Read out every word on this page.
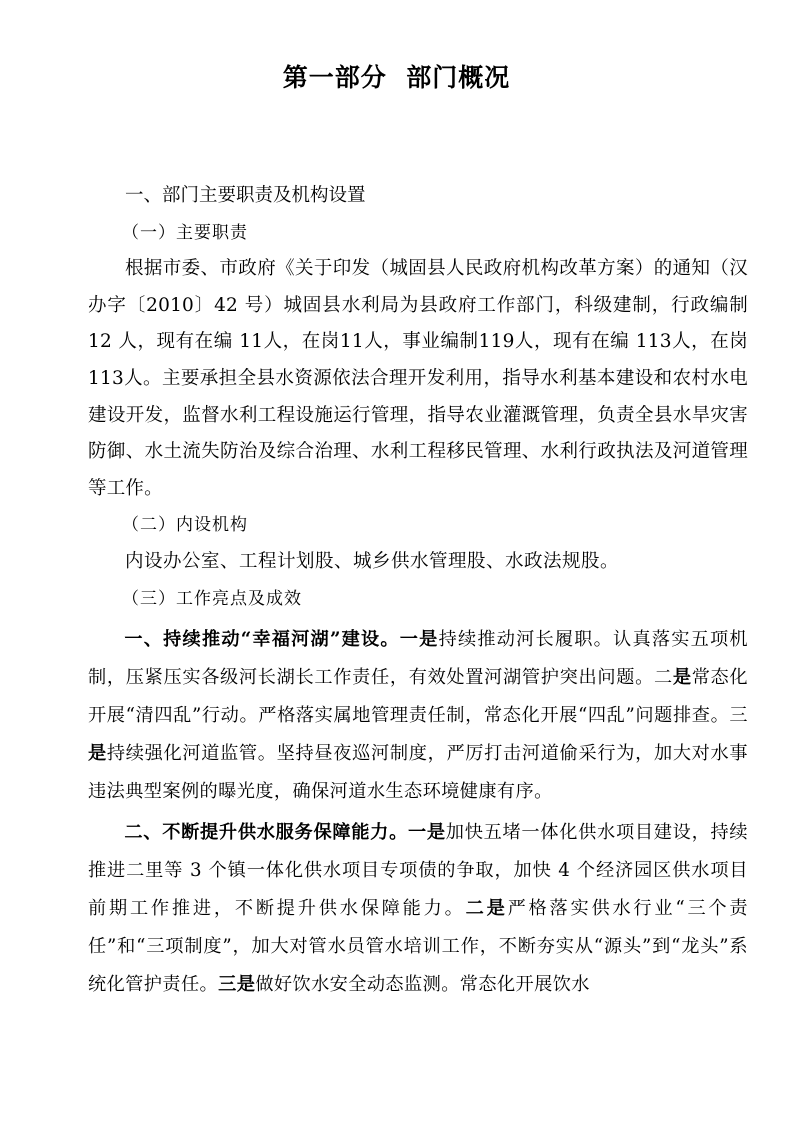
第一部分  部门概况

一、部门主要职责及机构设置

（一）主要职责

根据市委、市政府《关于印发（城固县人民政府机构改革方案）的通知（汉办字〔2010〕42 号）城固县水利局为县政府工作部门，科级建制，行政编制 12 人，现有在编 11人，在岗11人，事业编制119人，现有在编 113人，在岗113人。主要承担全县水资源依法合理开发利用，指导水利基本建设和农村水电建设开发，监督水利工程设施运行管理，指导农业灌溉管理，负责全县水旱灾害防御、水土流失防治及综合治理、水利工程移民管理、水利行政执法及河道管理等工作。

（二）内设机构

内设办公室、工程计划股、城乡供水管理股、水政法规股。

（三）工作亮点及成效

一、持续推动“幸福河湖”建设。一是持续推动河长履职。认真落实五项机制，压紧压实各级河长湖长工作责任，有效处置河湖管护突出问题。二是常态化开展“清四乱”行动。严格落实属地管理责任制，常态化开展“四乱”问题排查。三是持续强化河道监管。坚持昼夜巡河制度，严厉打击河道偷采行为，加大对水事违法典型案例的曝光度，确保河道水生态环境健康有序。

二、不断提升供水服务保障能力。一是加快五堵一体化供水项目建设，持续推进二里等 3 个镇一体化供水项目专项债的争取，加快 4 个经济园区供水项目前期工作推进，不断提升供水保障能力。二是严格落实供水行业“三个责任”和“三项制度”，加大对管水员管水培训工作，不断夯实从“源头”到“龙头”系统化管护责任。三是做好饮水安全动态监测。常态化开展饮水
